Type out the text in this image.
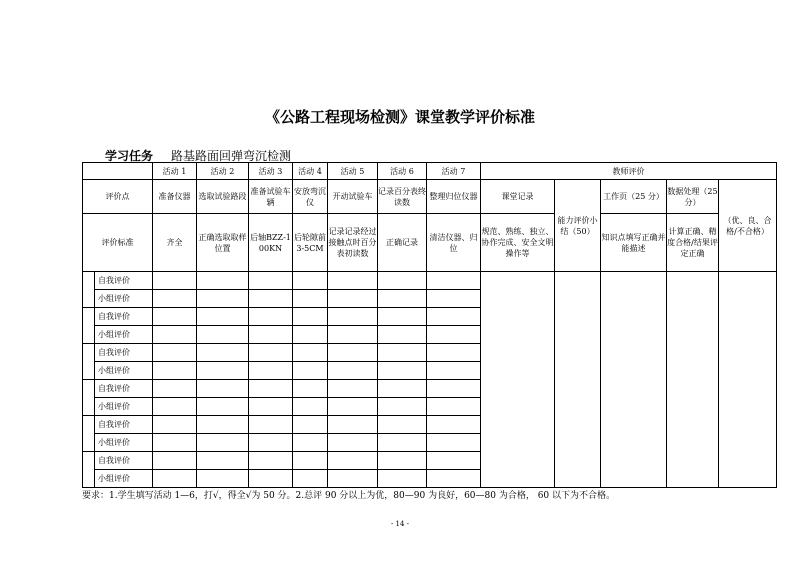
《公路工程现场检测》课堂教学评价标准
学习任务 路基路面回弹弯沉检测
		活动 1	活动 2	活动 3	活动 4	活动 5	活动 6	活动 7	教师评价				
评价点		准备仪器	选取试验路段	准备试验车辆	安放弯沉仪	开动试验车	记录百分表终读数	整理归位仪器	课堂记录	能力评价小结（50）	工作页（25 分）	数据处理（25 分）	（优、良、合格/不合格）
评价标准		齐全	正确选取取样位置	后轴BZZ-100KN	后轮隙前3-5CM	记录记录经过接触点时百分表初读数	正确记录	清洁仪器、归位	规范、熟练、独立、协作完成、安全文明操作等		知识点填写正确并能描述	计算正确、精度合格/结果评定正确	
	自我评价												
	小组评价												
	自我评价												
	小组评价												
	自我评价												
	小组评价												
	自我评价												
	小组评价												
	自我评价												
	小组评价												
	自我评价												
	小组评价												
要求：1.学生填写活动 1—6，打√，得全√为 50 分。2.总评 90 分以上为优，80—90 为良好，60—80 为合格， 60 以下为不合格。
- 14 -
